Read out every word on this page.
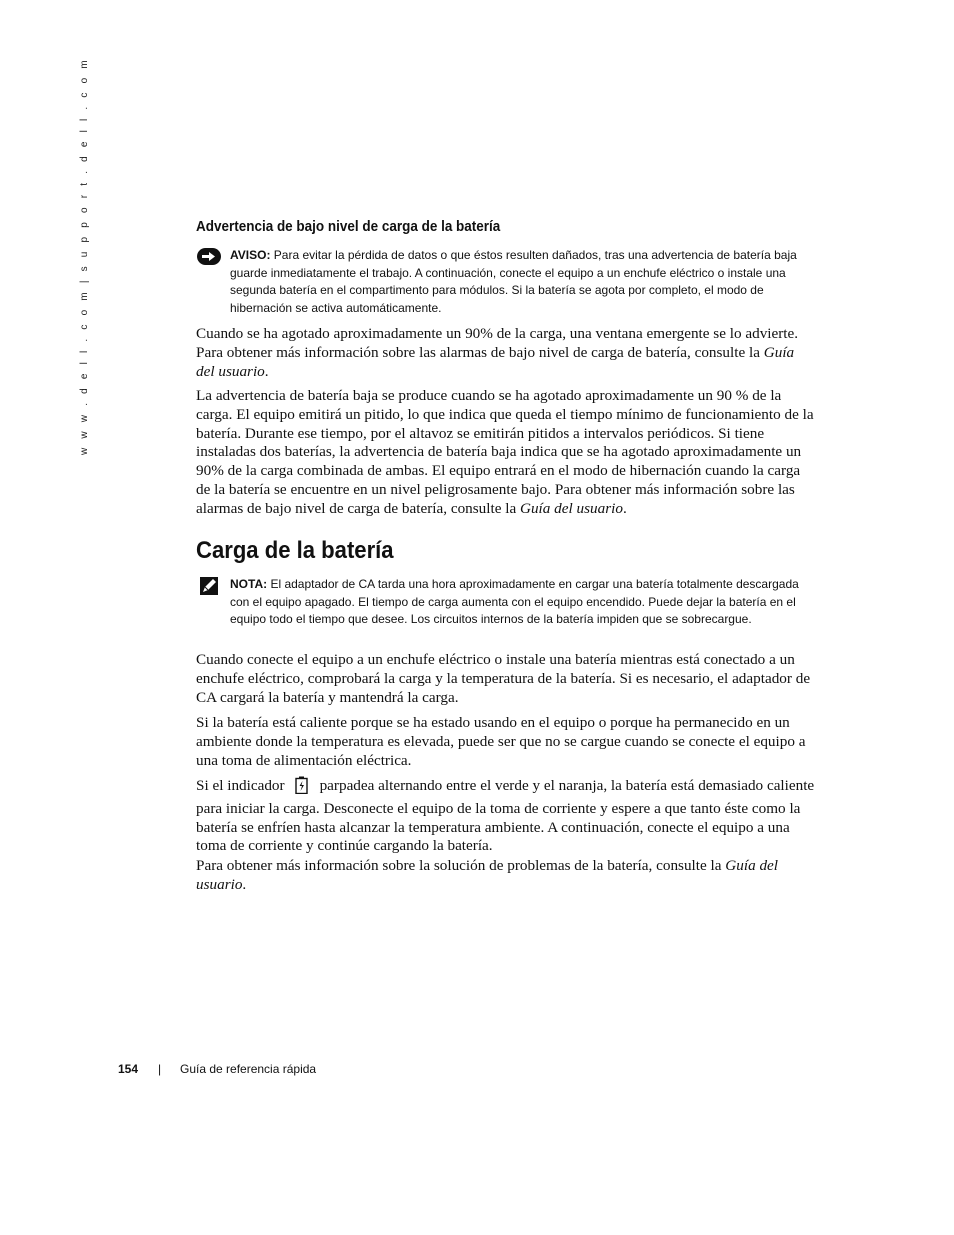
w w w . d e l l . c o m | s u p p o r t . d e l l . c o m	Advertencia de bajo nivel de carga de la batería
AVISO: Para evitar la pérdida de datos o que éstos resulten dañados, tras una advertencia de batería baja guarde inmediatamente el trabajo. A continuación, conecte el equipo a un enchufe eléctrico o instale una segunda batería en el compartimento para módulos. Si la batería se agota por completo, el modo de hibernación se activa automáticamente.

Cuando se ha agotado aproximadamente un 90% de la carga, una ventana emergente se lo advierte. Para obtener más información sobre las alarmas de bajo nivel de carga de batería, consulte la Guía del usuario.

La advertencia de batería baja se produce cuando se ha agotado aproximadamente un 90 % de la carga. El equipo emitirá un pitido, lo que indica que queda el tiempo mínimo de funcionamiento de la batería. Durante ese tiempo, por el altavoz se emitirán pitidos a intervalos periódicos. Si tiene instaladas dos baterías, la advertencia de batería baja indica que se ha agotado aproximadamente un 90% de la carga combinada de ambas. El equipo entrará en el modo de hibernación cuando la carga de la batería se encuentre en un nivel peligrosamente bajo. Para obtener más información sobre las alarmas de bajo nivel de carga de batería, consulte la Guía del usuario.

Carga de la batería
NOTA: El adaptador de CA tarda una hora aproximadamente en cargar una batería totalmente descargada con el equipo apagado. El tiempo de carga aumenta con el equipo encendido. Puede dejar la batería en el equipo todo el tiempo que desee. Los circuitos internos de la batería impiden que se sobrecargue.

Cuando conecte el equipo a un enchufe eléctrico o instale una batería mientras está conectado a un enchufe eléctrico, comprobará la carga y la temperatura de la batería. Si es necesario, el adaptador de CA cargará la batería y mantendrá la carga.

Si la batería está caliente porque se ha estado usando en el equipo o porque ha permanecido en un ambiente donde la temperatura es elevada, puede ser que no se cargue cuando se conecte el equipo a una toma de alimentación eléctrica.

Si el indicador parpadea alternando entre el verde y el naranja, la batería está demasiado caliente para iniciar la carga. Desconecte el equipo de la toma de corriente y espere a que tanto éste como la batería se enfríen hasta alcanzar la temperatura ambiente. A continuación, conecte el equipo a una toma de corriente y continúe cargando la batería.

Para obtener más información sobre la solución de problemas de la batería, consulte la Guía del usuario.

154 | Guía de referencia rápida
